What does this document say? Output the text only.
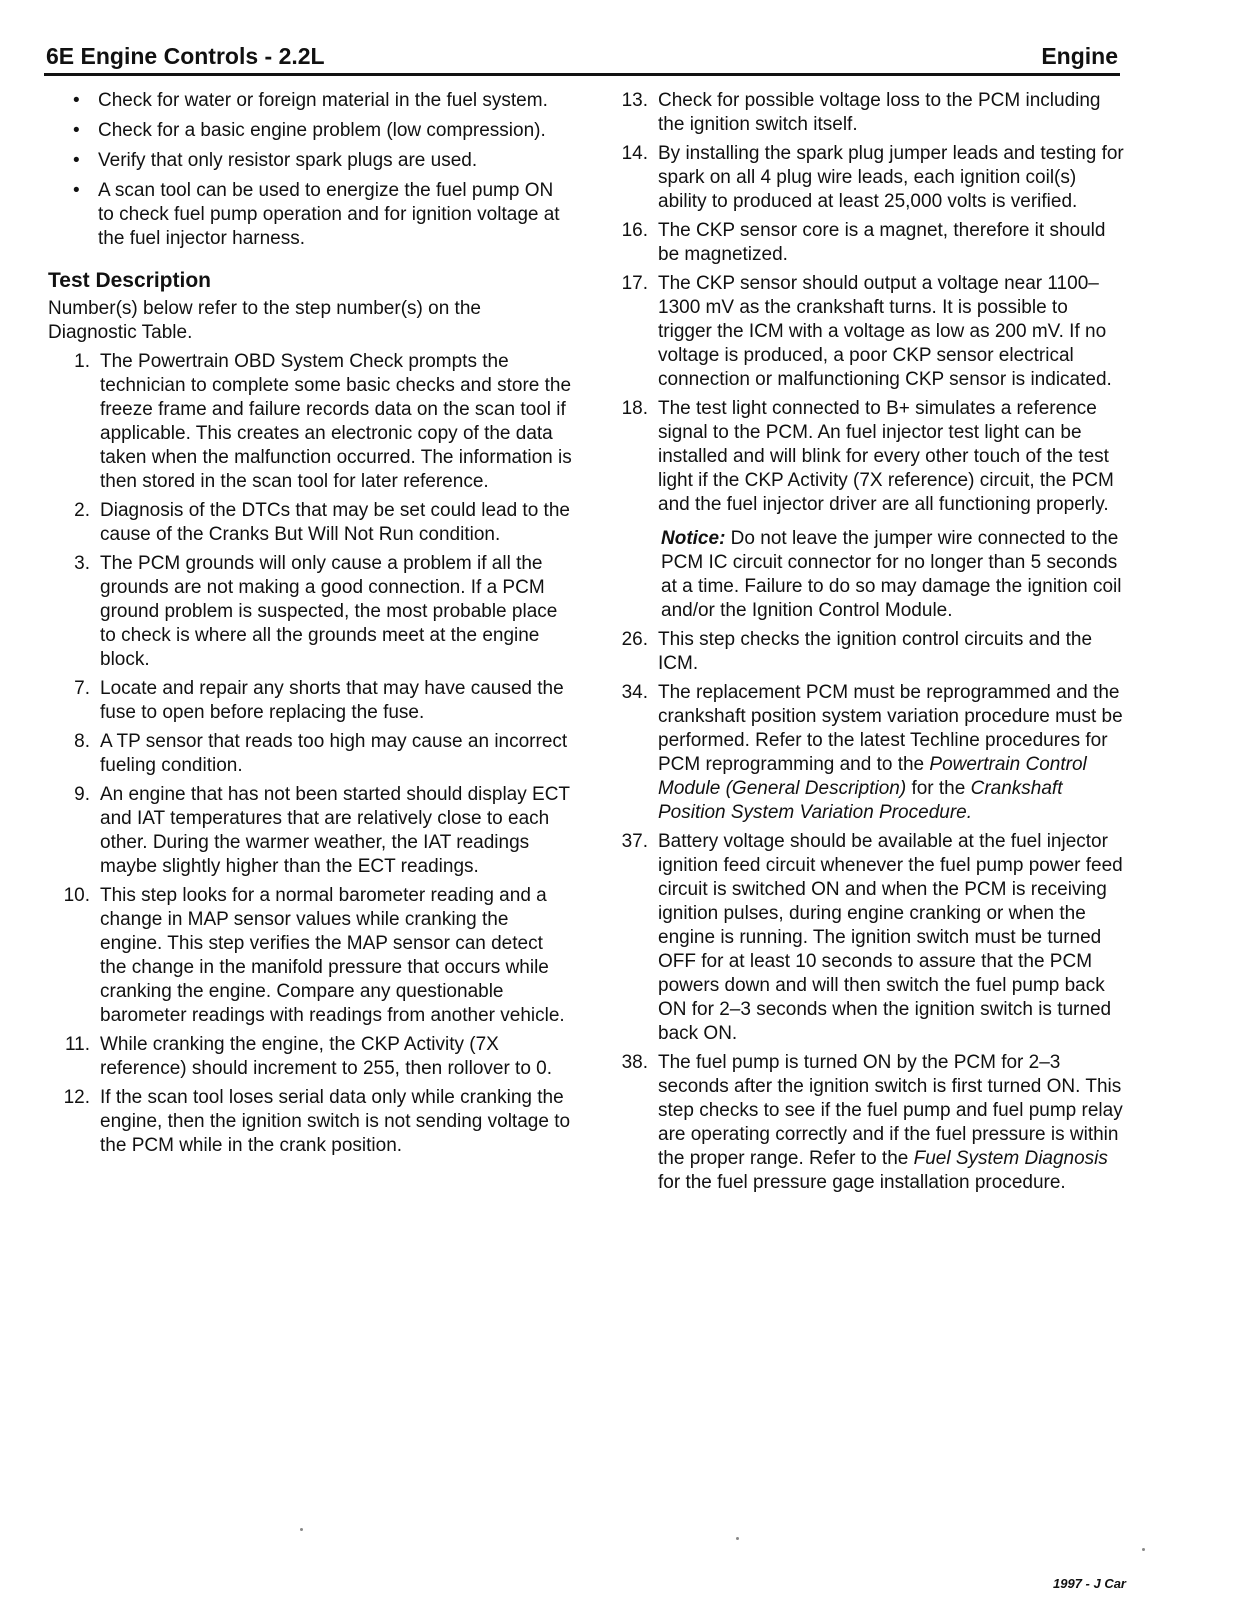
6E Engine Controls - 2.2L	Engine
• Check for water or foreign material in the fuel system.
• Check for a basic engine problem (low compression).
• Verify that only resistor spark plugs are used.
• A scan tool can be used to energize the fuel pump ON to check fuel pump operation and for ignition voltage at the fuel injector harness.
Test Description

Number(s) below refer to the step number(s) on the Diagnostic Table.

1. The Powertrain OBD System Check prompts the technician to complete some basic checks and store the freeze frame and failure records data on the scan tool if applicable. This creates an electronic copy of the data taken when the malfunction occurred. The information is then stored in the scan tool for later reference.
2. Diagnosis of the DTCs that may be set could lead to the cause of the Cranks But Will Not Run condition.
3. The PCM grounds will only cause a problem if all the grounds are not making a good connection. If a PCM ground problem is suspected, the most probable place to check is where all the grounds meet at the engine block.
7. Locate and repair any shorts that may have caused the fuse to open before replacing the fuse.
8. A TP sensor that reads too high may cause an incorrect fueling condition.
9. An engine that has not been started should display ECT and IAT temperatures that are relatively close to each other. During the warmer weather, the IAT readings maybe slightly higher than the ECT readings.
10. This step looks for a normal barometer reading and a change in MAP sensor values while cranking the engine. This step verifies the MAP sensor can detect the change in the manifold pressure that occurs while cranking the engine. Compare any questionable barometer readings with readings from another vehicle.
11. While cranking the engine, the CKP Activity (7X reference) should increment to 255, then rollover to 0.
12. If the scan tool loses serial data only while cranking the engine, then the ignition switch is not sending voltage to the PCM while in the crank position.
13. Check for possible voltage loss to the PCM including the ignition switch itself.
14. By installing the spark plug jumper leads and testing for spark on all 4 plug wire leads, each ignition coil(s) ability to produced at least 25,000 volts is verified.
16. The CKP sensor core is a magnet, therefore it should be magnetized.
17. The CKP sensor should output a voltage near 1100–1300 mV as the crankshaft turns. It is possible to trigger the ICM with a voltage as low as 200 mV. If no voltage is produced, a poor CKP sensor electrical connection or malfunctioning CKP sensor is indicated.
18. The test light connected to B+ simulates a reference signal to the PCM. An fuel injector test light can be installed and will blink for every other touch of the test light if the CKP Activity (7X reference) circuit, the PCM and the fuel injector driver are all functioning properly.

Notice: Do not leave the jumper wire connected to the PCM IC circuit connector for no longer than 5 seconds at a time. Failure to do so may damage the ignition coil and/or the Ignition Control Module.

26. This step checks the ignition control circuits and the ICM.
34. The replacement PCM must be reprogrammed and the crankshaft position system variation procedure must be performed. Refer to the latest Techline procedures for PCM reprogramming and to the Powertrain Control Module (General Description) for the Crankshaft Position System Variation Procedure.
37. Battery voltage should be available at the fuel injector ignition feed circuit whenever the fuel pump power feed circuit is switched ON and when the PCM is receiving ignition pulses, during engine cranking or when the engine is running. The ignition switch must be turned OFF for at least 10 seconds to assure that the PCM powers down and will then switch the fuel pump back ON for 2–3 seconds when the ignition switch is turned back ON.
38. The fuel pump is turned ON by the PCM for 2–3 seconds after the ignition switch is first turned ON. This step checks to see if the fuel pump and fuel pump relay are operating correctly and if the fuel pressure is within the proper range. Refer to the Fuel System Diagnosis for the fuel pressure gage installation procedure.
1997 - J Car
